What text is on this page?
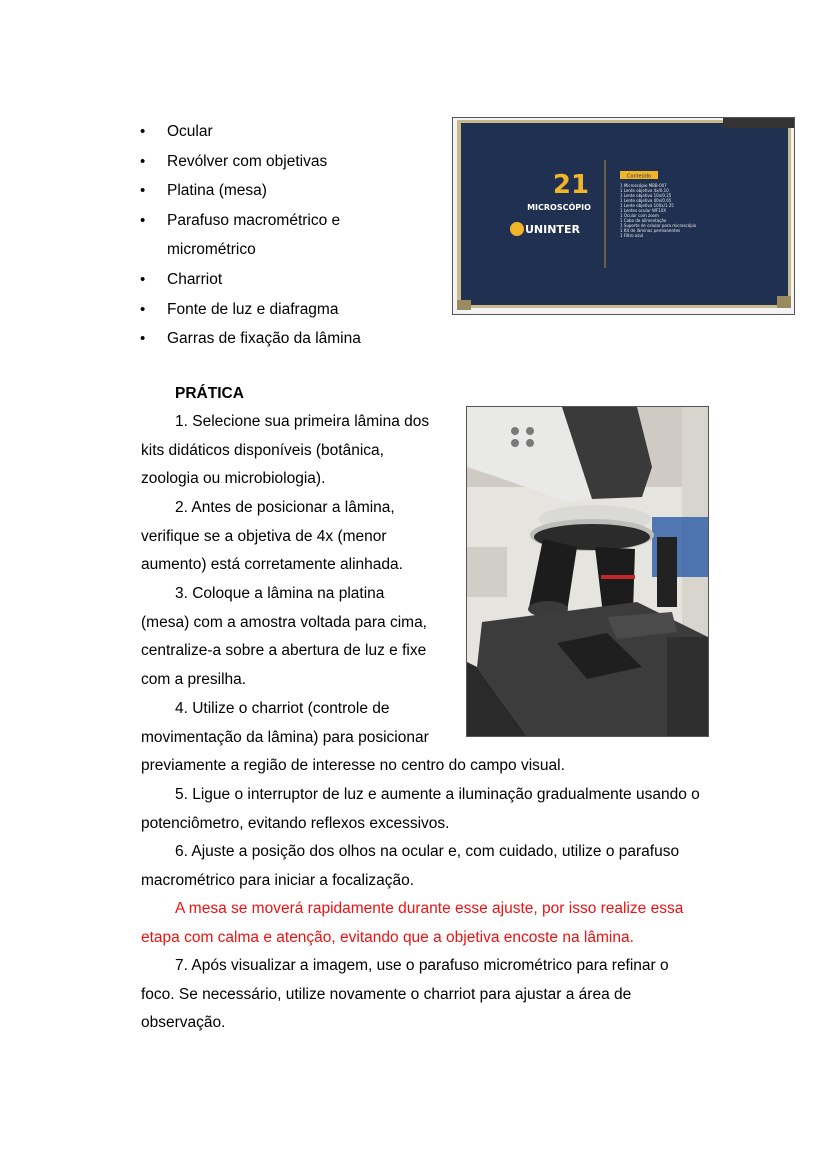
• Ocular
• Revólver com objetivas
• Platina (mesa)
• Parafuso macrométrico e micrométrico
• Charriot
• Fonte de luz e diafragma
• Garras de fixação da lâmina
21
MICROSCÓPIO
UNINTER
Conteúdo
1 Microscópio MBB-007
1 Lente objetiva 4x/0.10
1 Lente objetiva 10x/0.25
1 Lente objetiva 40x/0.65
1 Lente objetiva 100x/1.25
1 Lentes ocular WF10X
1 Ocular com zoom
1 Cabo de alimentação
1 Suporte de celular para microscópio
1 Kit de lâminas permanentes
1 Filtro azul
PRÁTICA

1. Selecione sua primeira lâmina dos
kits didáticos disponíveis (botânica,
zoologia ou microbiologia).

2. Antes de posicionar a lâmina,
verifique se a objetiva de 4x (menor
aumento) está corretamente alinhada.

3. Coloque a lâmina na platina
(mesa) com a amostra voltada para cima,
centralize-a sobre a abertura de luz e fixe
com a presilha.

4. Utilize o charriot (controle de
movimentação da lâmina) para posicionar
previamente a região de interesse no centro do campo visual.

5. Ligue o interruptor de luz e aumente a iluminação gradualmente usando o
potenciômetro, evitando reflexos excessivos.

6. Ajuste a posição dos olhos na ocular e, com cuidado, utilize o parafuso
macrométrico para iniciar a focalização.

A mesa se moverá rapidamente durante esse ajuste, por isso realize essa
etapa com calma e atenção, evitando que a objetiva encoste na lâmina.

7. Após visualizar a imagem, use o parafuso micrométrico para refinar o
foco. Se necessário, utilize novamente o charriot para ajustar a área de
observação.
